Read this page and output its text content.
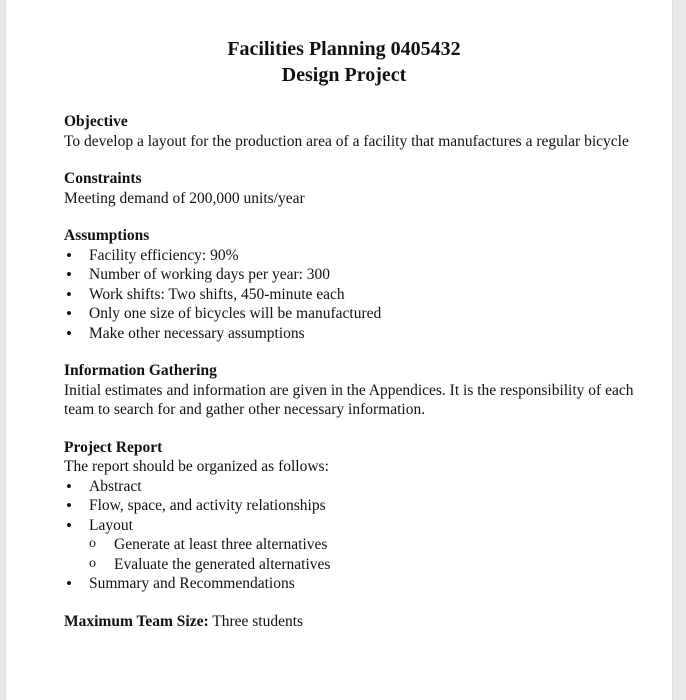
Facilities Planning 0405432
Design Project
Objective

To develop a layout for the production area of a facility that manufactures a regular bicycle

Constraints

Meeting demand of 200,000 units/year

Assumptions
• Facility efficiency: 90%
• Number of working days per year: 300
• Work shifts: Two shifts, 450-minute each
• Only one size of bicycles will be manufactured
• Make other necessary assumptions
Information Gathering

Initial estimates and information are given in the Appendices. It is the responsibility of each team to search for and gather other necessary information.

Project Report

The report should be organized as follows:

• Abstract
• Flow, space, and activity relationships
• Layout
o Generate at least three alternatives
o Evaluate the generated alternatives
• Summary and Recommendations
Maximum Team Size: Three students
